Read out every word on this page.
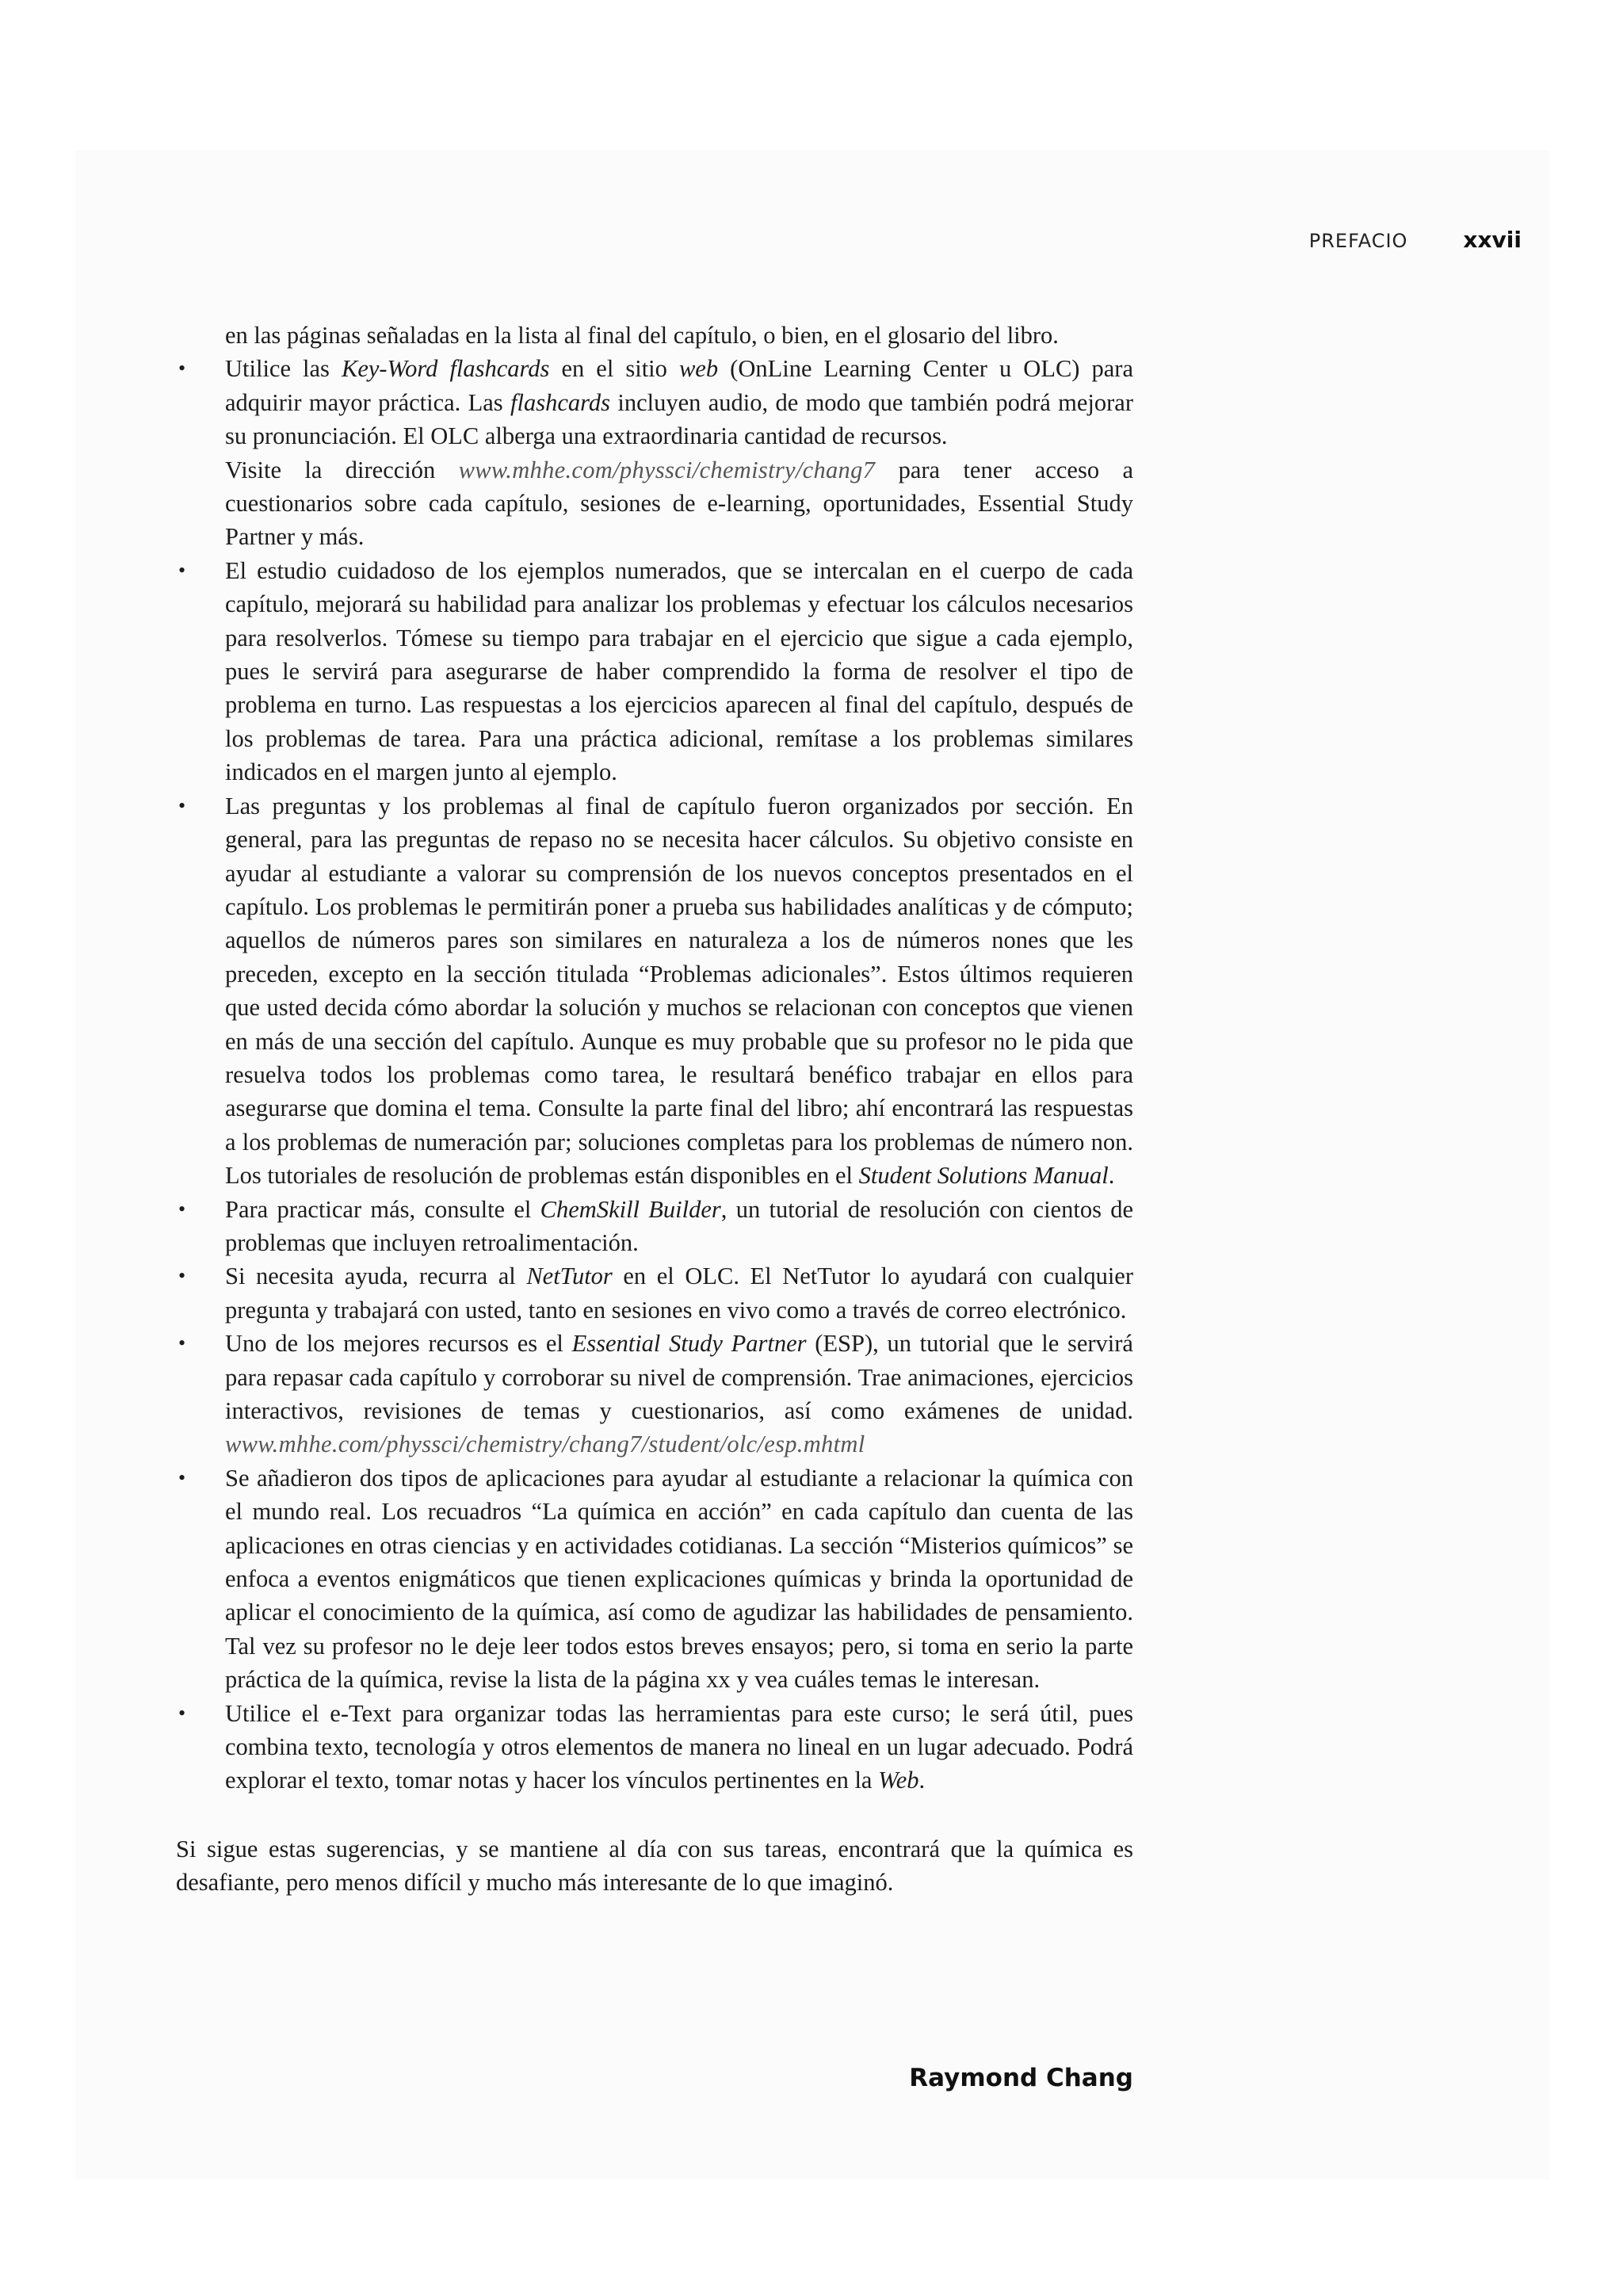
PREFACIO	xxvii

en las páginas señaladas en la lista al final del capítulo, o bien, en el glosario del libro.

• Utilice las Key-Word flashcards en el sitio web (OnLine Learning Center u OLC) para adquirir mayor práctica. Las flashcards incluyen audio, de modo que también podrá mejorar su pronunciación. El OLC alberga una extraordinaria cantidad de recursos.

Visite la dirección www.mhhe.com/physsci/chemistry/chang7 para tener acceso a cuestionarios sobre cada capítulo, sesiones de e-learning, oportunidades, Essential Study Partner y más.

• El estudio cuidadoso de los ejemplos numerados, que se intercalan en el cuerpo de cada capítulo, mejorará su habilidad para analizar los problemas y efectuar los cálculos necesarios para resolverlos. Tómese su tiempo para trabajar en el ejercicio que sigue a cada ejemplo, pues le servirá para asegurarse de haber comprendido la forma de resolver el tipo de problema en turno. Las respuestas a los ejercicios aparecen al final del capítulo, después de los problemas de tarea. Para una práctica adicional, remítase a los problemas similares indicados en el margen junto al ejemplo.

• Las preguntas y los problemas al final de capítulo fueron organizados por sección. En general, para las preguntas de repaso no se necesita hacer cálculos. Su objetivo consiste en ayudar al estudiante a valorar su comprensión de los nuevos conceptos presentados en el capítulo. Los problemas le permitirán poner a prueba sus habilidades analíticas y de cómputo; aquellos de números pares son similares en naturaleza a los de números nones que les preceden, excepto en la sección titulada “Problemas adicionales”. Estos últimos requieren que usted decida cómo abordar la solución y muchos se relacionan con conceptos que vienen en más de una sección del capítulo. Aunque es muy probable que su profesor no le pida que resuelva todos los problemas como tarea, le resultará benéfico trabajar en ellos para asegurarse que domina el tema. Consulte la parte final del libro; ahí encontrará las respuestas a los problemas de numeración par; soluciones completas para los problemas de número non. Los tutoriales de resolución de problemas están disponibles en el Student Solutions Manual.

• Para practicar más, consulte el ChemSkill Builder, un tutorial de resolución con cientos de problemas que incluyen retroalimentación.

• Si necesita ayuda, recurra al NetTutor en el OLC. El NetTutor lo ayudará con cualquier pregunta y trabajará con usted, tanto en sesiones en vivo como a través de correo electrónico.

• Uno de los mejores recursos es el Essential Study Partner (ESP), un tutorial que le servirá para repasar cada capítulo y corroborar su nivel de comprensión. Trae animaciones, ejercicios interactivos, revisiones de temas y cuestionarios, así como exámenes de unidad. www.mhhe.com/physsci/chemistry/chang7/student/olc/esp.mhtml

• Se añadieron dos tipos de aplicaciones para ayudar al estudiante a relacionar la química con el mundo real. Los recuadros “La química en acción” en cada capítulo dan cuenta de las aplicaciones en otras ciencias y en actividades cotidianas. La sección “Misterios químicos” se enfoca a eventos enigmáticos que tienen explicaciones químicas y brinda la oportunidad de aplicar el conocimiento de la química, así como de agudizar las habilidades de pensamiento. Tal vez su profesor no le deje leer todos estos breves ensayos; pero, si toma en serio la parte práctica de la química, revise la lista de la página xx y vea cuáles temas le interesan.

• Utilice el e-Text para organizar todas las herramientas para este curso; le será útil, pues combina texto, tecnología y otros elementos de manera no lineal en un lugar adecuado. Podrá explorar el texto, tomar notas y hacer los vínculos pertinentes en la Web.

Si sigue estas sugerencias, y se mantiene al día con sus tareas, encontrará que la química es desafiante, pero menos difícil y mucho más interesante de lo que imaginó.

Raymond Chang
